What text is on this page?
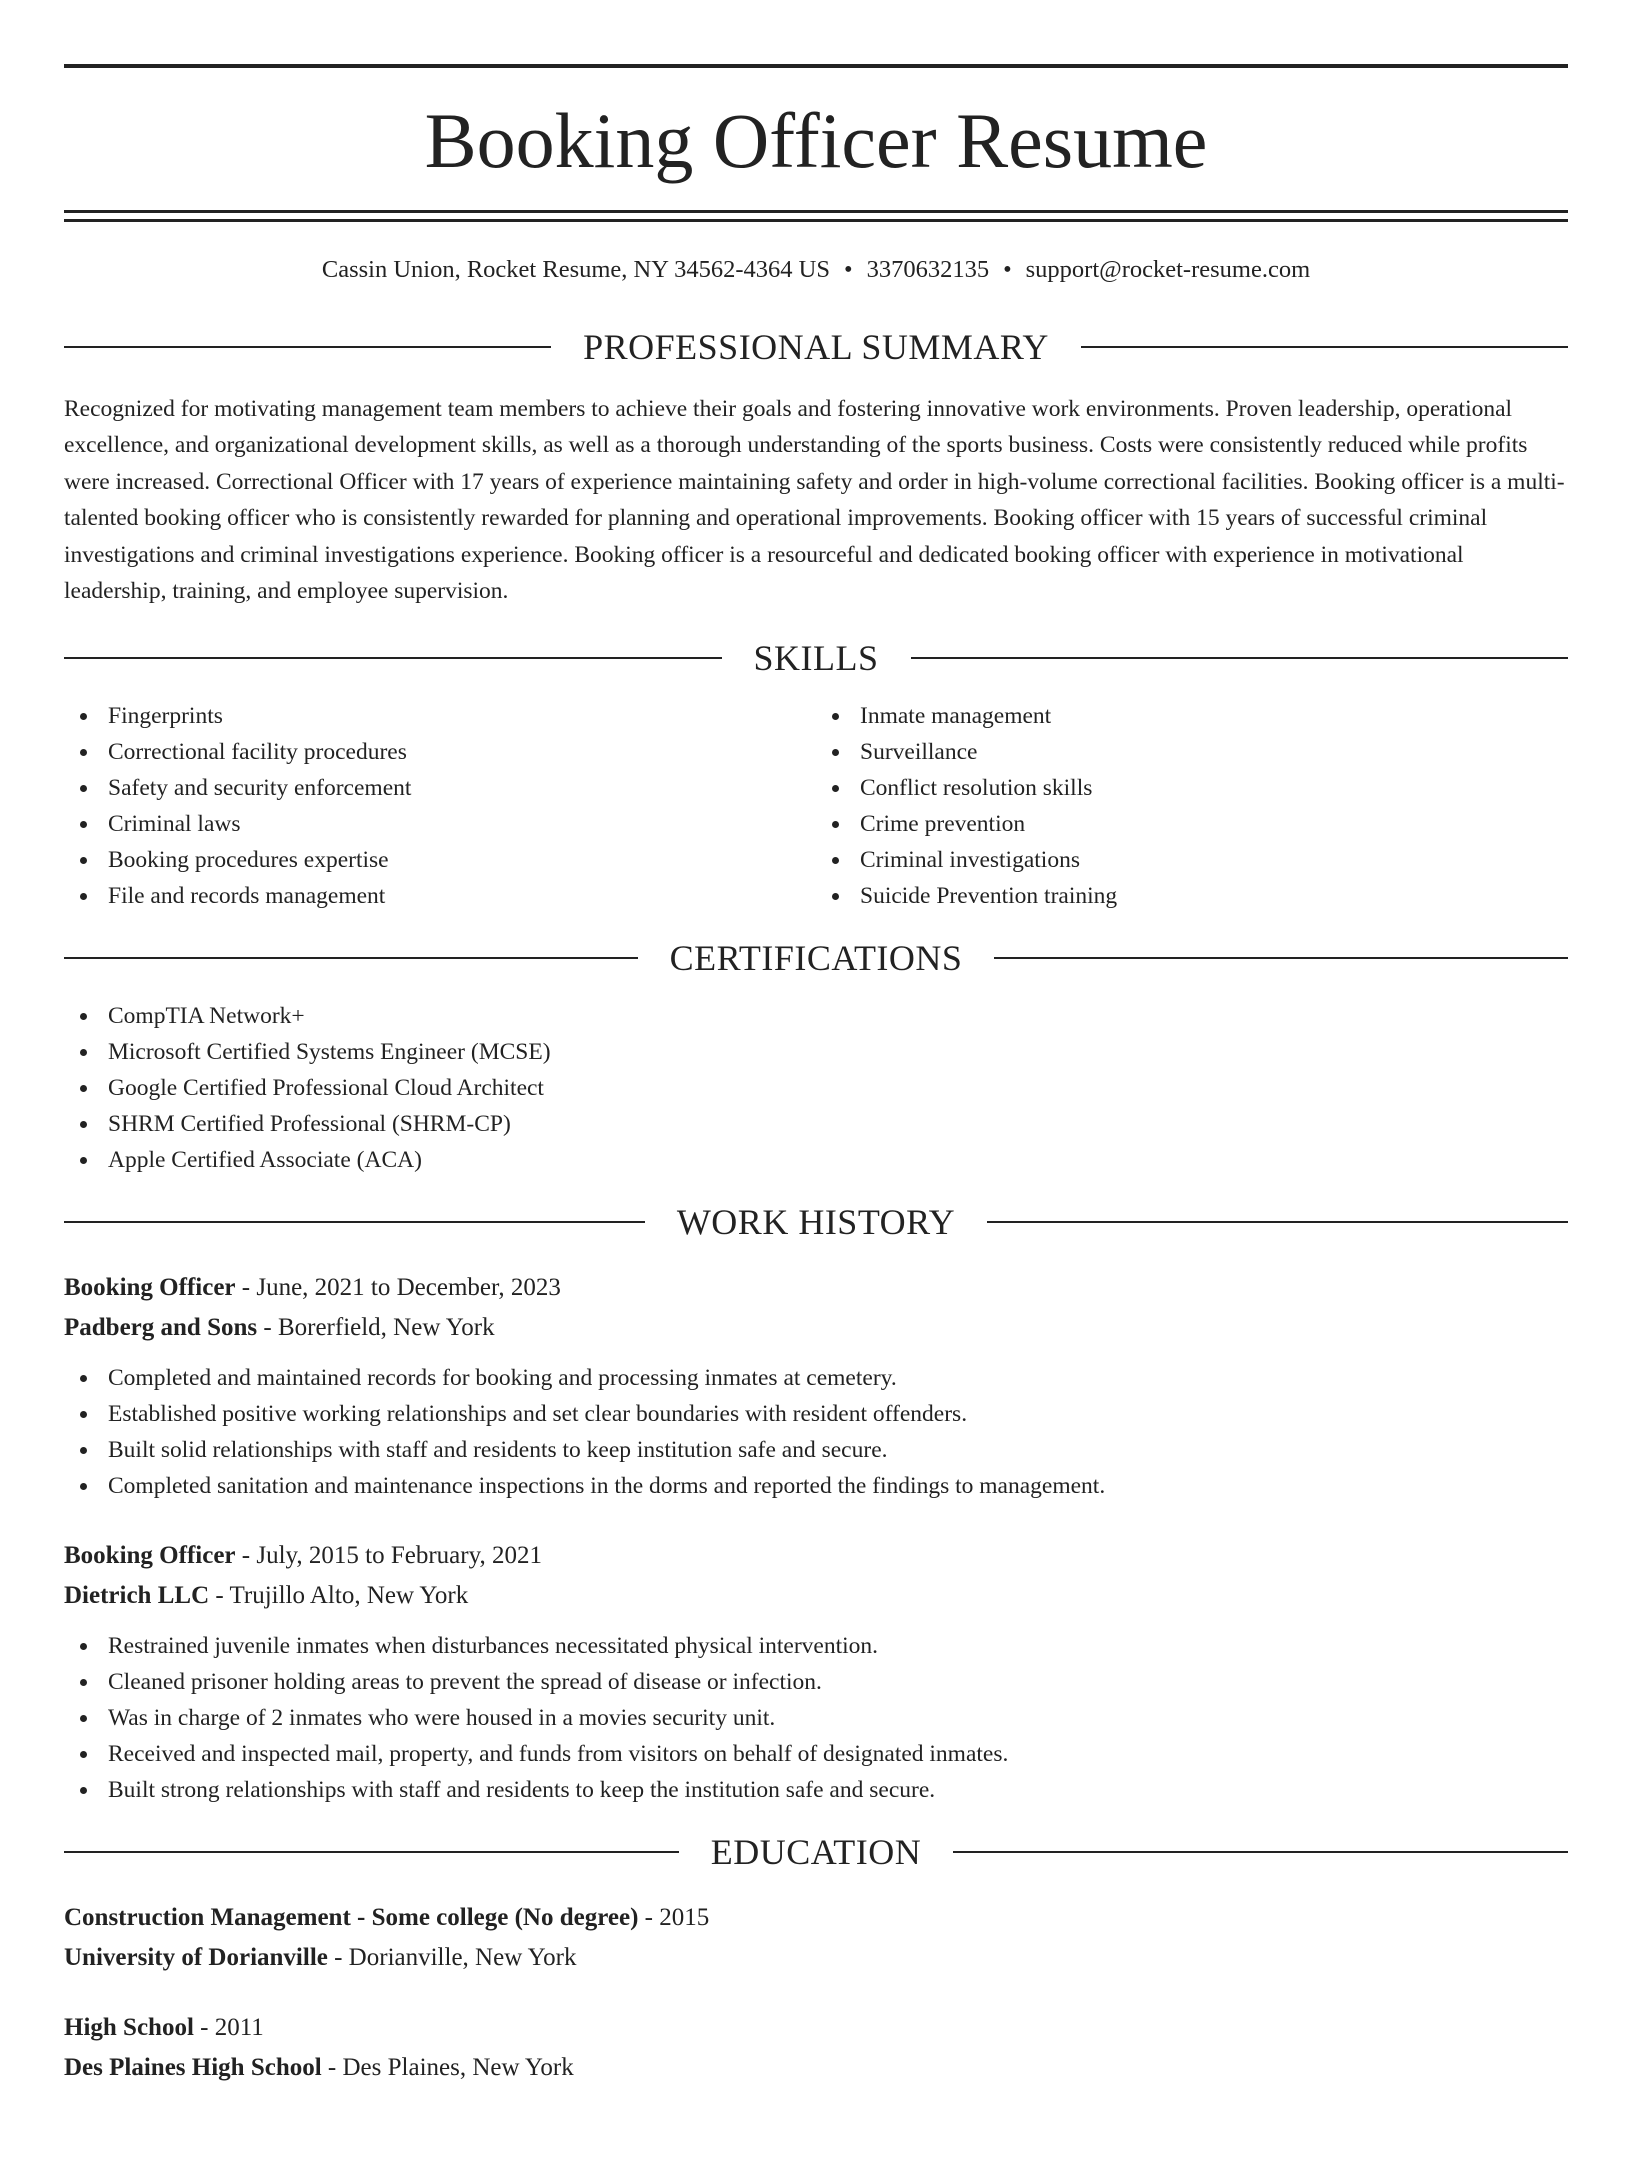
Booking Officer Resume
Cassin Union, Rocket Resume, NY 34562-4364 US • 3370632135 • support@rocket-resume.com
PROFESSIONAL SUMMARY

Recognized for motivating management team members to achieve their goals and fostering innovative work environments. Proven leadership, operational excellence, and organizational development skills, as well as a thorough understanding of the sports business. Costs were consistently reduced while profits were increased. Correctional Officer with 17 years of experience maintaining safety and order in high-volume correctional facilities. Booking officer is a multi-talented booking officer who is consistently rewarded for planning and operational improvements. Booking officer with 15 years of successful criminal investigations and criminal investigations experience. Booking officer is a resourceful and dedicated booking officer with experience in motivational leadership, training, and employee supervision.

SKILLS
Fingerprints
Correctional facility procedures
Safety and security enforcement
Criminal laws
Booking procedures expertise
File and records management
Inmate management
Surveillance
Conflict resolution skills
Crime prevention
Criminal investigations
Suicide Prevention training
CERTIFICATIONS
CompTIA Network+
Microsoft Certified Systems Engineer (MCSE)
Google Certified Professional Cloud Architect
SHRM Certified Professional (SHRM-CP)
Apple Certified Associate (ACA)
WORK HISTORY
Booking Officer - June, 2021 to December, 2023
Padberg and Sons - Borerfield, New York
Completed and maintained records for booking and processing inmates at cemetery.
Established positive working relationships and set clear boundaries with resident offenders.
Built solid relationships with staff and residents to keep institution safe and secure.
Completed sanitation and maintenance inspections in the dorms and reported the findings to management.
Booking Officer - July, 2015 to February, 2021
Dietrich LLC - Trujillo Alto, New York
Restrained juvenile inmates when disturbances necessitated physical intervention.
Cleaned prisoner holding areas to prevent the spread of disease or infection.
Was in charge of 2 inmates who were housed in a movies security unit.
Received and inspected mail, property, and funds from visitors on behalf of designated inmates.
Built strong relationships with staff and residents to keep the institution safe and secure.
EDUCATION
Construction Management - Some college (No degree) - 2015
University of Dorianville - Dorianville, New York
High School - 2011
Des Plaines High School - Des Plaines, New York
